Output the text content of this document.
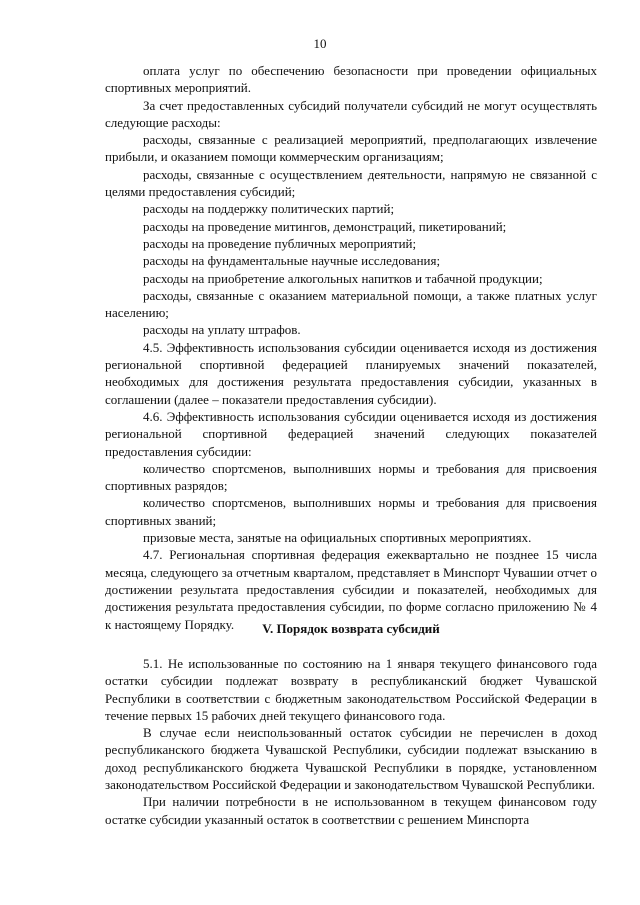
10

оплата услуг по обеспечению безопасности при проведении официальных спортивных мероприятий.

За счет предоставленных субсидий получатели субсидий не могут осуществлять следующие расходы:

расходы, связанные с реализацией мероприятий, предполагающих извлечение прибыли, и оказанием помощи коммерческим организациям;

расходы, связанные с осуществлением деятельности, напрямую не связанной с целями предоставления субсидий;

расходы на поддержку политических партий;

расходы на проведение митингов, демонстраций, пикетирований;

расходы на проведение публичных мероприятий;

расходы на фундаментальные научные исследования;

расходы на приобретение алкогольных напитков и табачной продукции;

расходы, связанные с оказанием материальной помощи, а также платных услуг населению;

расходы на уплату штрафов.

4.5. Эффективность использования субсидии оценивается исходя из достижения региональной спортивной федерацией планируемых значений показателей, необходимых для достижения результата предоставления субсидии, указанных в соглашении (далее – показатели предоставления субсидии).

4.6. Эффективность использования субсидии оценивается исходя из достижения региональной спортивной федерацией значений следующих показателей предоставления субсидии:

количество спортсменов, выполнивших нормы и требования для присвоения спортивных разрядов;

количество спортсменов, выполнивших нормы и требования для присвоения спортивных званий;

призовые места, занятые на официальных спортивных мероприятиях.

4.7. Региональная спортивная федерация ежеквартально не позднее 15 числа месяца, следующего за отчетным кварталом, представляет в Минспорт Чувашии отчет о достижении результата предоставления субсидии и показателей, необходимых для достижения результата предоставления субсидии, по форме согласно приложению № 4 к настоящему Порядку.	V. Порядок возврата субсидий

5.1. Не использованные по состоянию на 1 января текущего финансового года остатки субсидии подлежат возврату в республиканский бюджет Чувашской Республики в соответствии с бюджетным законодательством Российской Федерации в течение первых 15 рабочих дней текущего финансового года.

В случае если неиспользованный остаток субсидии не перечислен в доход республиканского бюджета Чувашской Республики, субсидии подлежат взысканию в доход республиканского бюджета Чувашской Республики в порядке, установленном законодательством Российской Федерации и законодательством Чувашской Республики.

При наличии потребности в не использованном в текущем финансовом году остатке субсидии указанный остаток в соответствии с решением Минспорта
